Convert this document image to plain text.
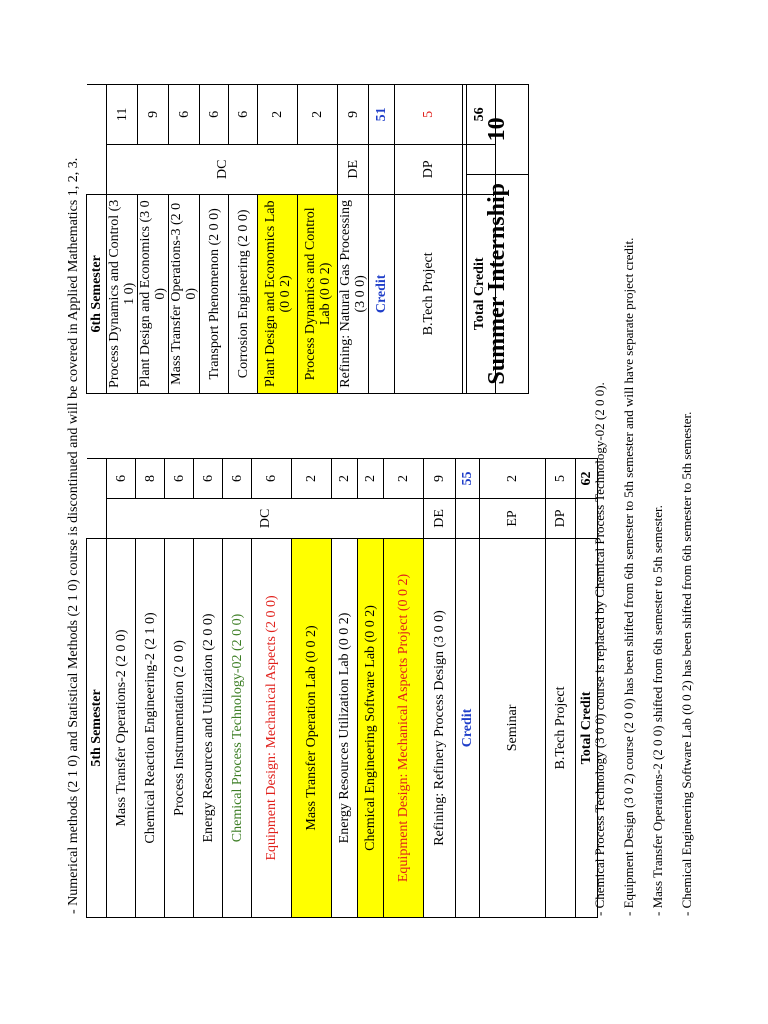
- Numerical methods (2 1 0) and Statistical Methods (2 1 0) course is discontinued and will be covered in Applied Mathematics 1, 2, 3. 5th Semester		
Mass Transfer Operations-2 (2 0 0)	DC	6
Chemical Reaction Engineering-2 (2 1 0)		8
Process Instrumentation (2 0 0)		6
Energy Resources and Utilization (2 0 0)		6
Chemical Process Technology-02 (2 0 0)		6
Equipment Design: Mechanical Aspects (2 0 0)		6
Mass Transfer Operation Lab (0 0 2)		2
Energy Resources Utilization Lab (0 0 2)		2
Chemical Engineering Software Lab (0 0 2)		2
Equipment Design: Mechanical Aspects Project (0 0 2)		2
Refining: Refinery Process Design (3 0 0)	DE	9
Credit		55
Seminar	EP	2
B.Tech Project	DP	5
Total Credit		62
6th Semester		
Process Dynamics and Control (3 1 0)	DC	11
Plant Design and Economics (3 0 0)		9
Mass Transfer Operations-3 (2 0 0)		6
Transport Phenomenon (2 0 0)		6
Corrosion Engineering (2 0 0)		6
Plant Design and Economics Lab (0 0 2)		2
Process Dynamics and Control Lab (0 0 2)		2
Refining: Natural Gas Processing (3 0 0)	DE	9
Credit		51
B.Tech Project	DP	5
Total Credit		56
Summer Internship	10
- Chemical Process Technology (3 0 0) course is replaced by Chemical Process Technology-02 (2 0 0).	- Equipment Design (3 0 2) course (2 0 0) has been shifted from 6th semester to 5th semester and will have separate project credit.	- Mass Transfer Operations-2 (2 0 0) shifted from 6th semester to 5th semester.	- Chemical Engineering Software Lab (0 0 2) has been shifted from 6th semester to 5th semester.
